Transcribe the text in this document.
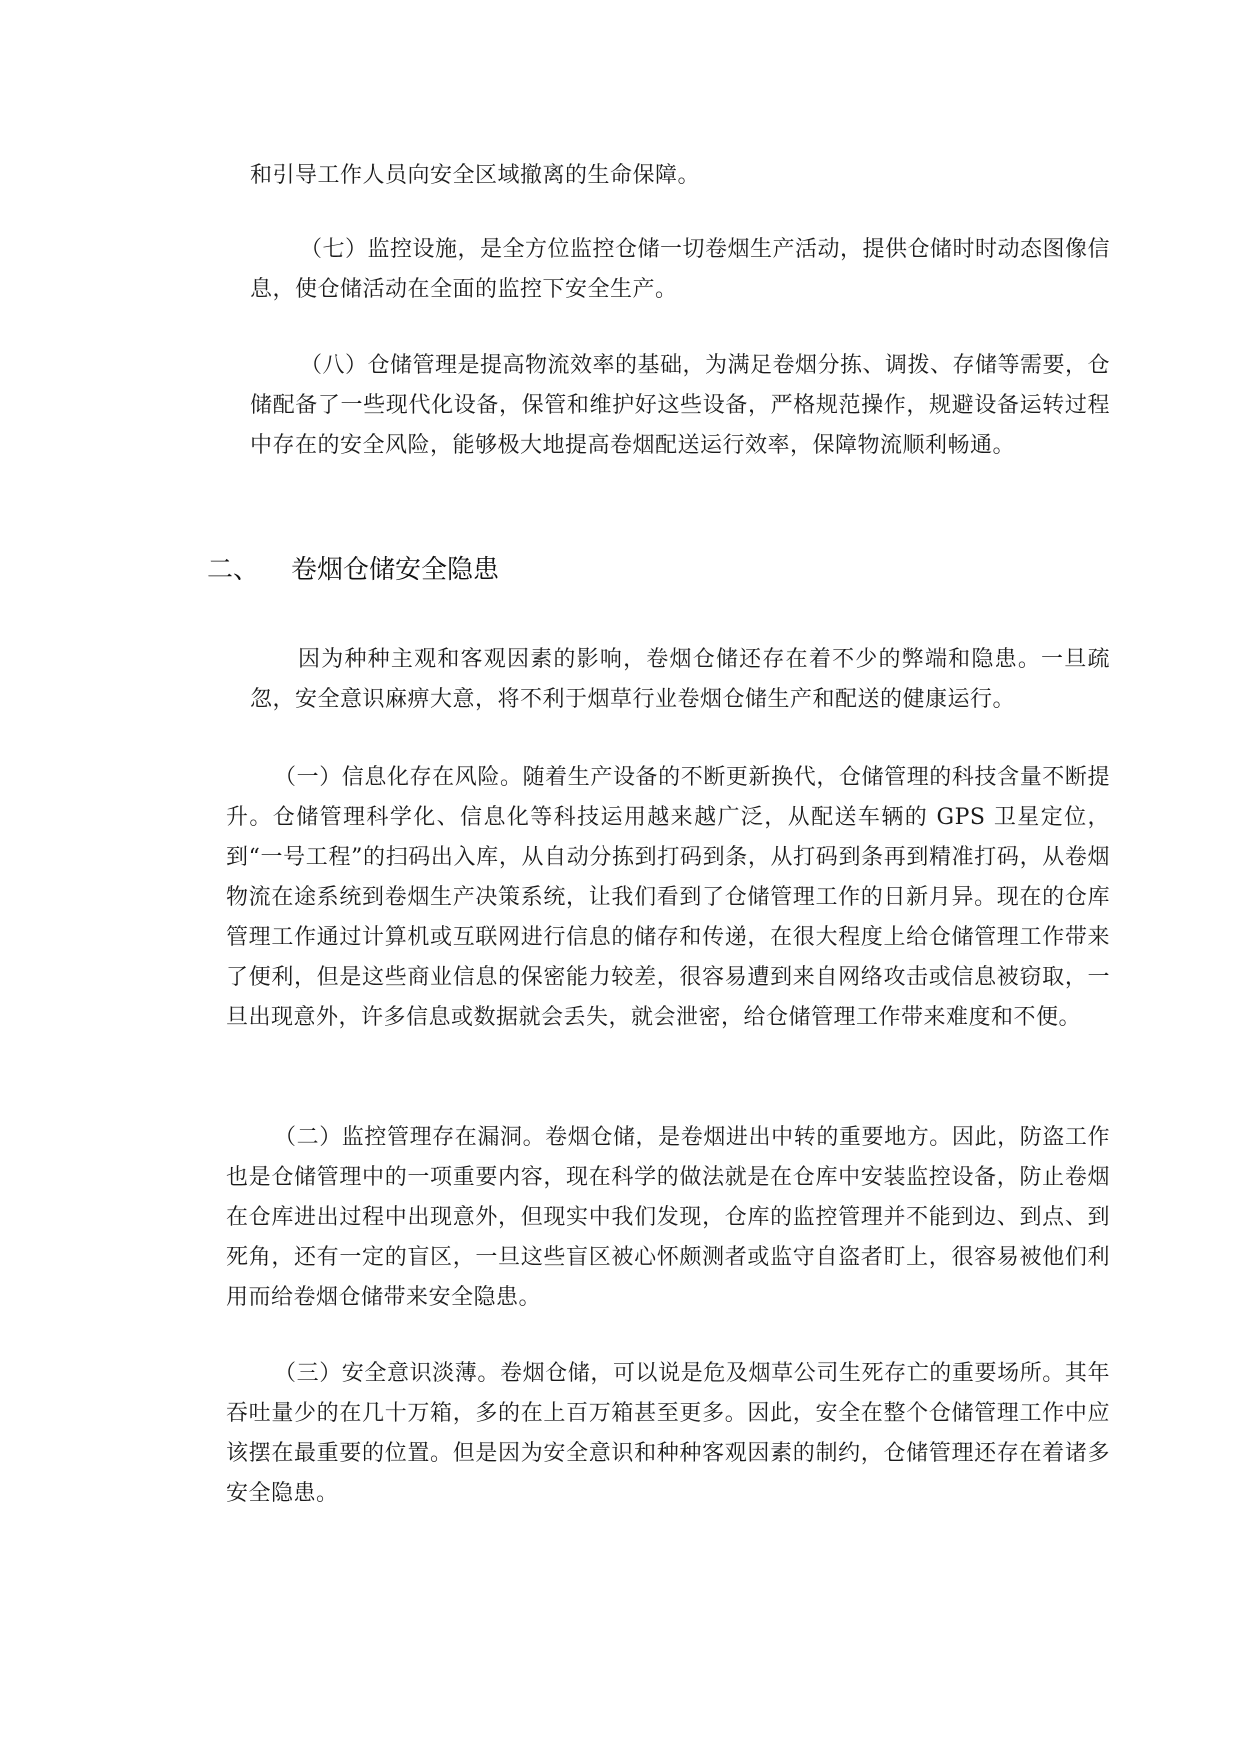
和引导工作人员向安全区域撤离的生命保障。

（七）监控设施，是全方位监控仓储一切卷烟生产活动，提供仓储时时动态图像信息，使仓储活动在全面的监控下安全生产。

（八）仓储管理是提高物流效率的基础，为满足卷烟分拣、调拨、存储等需要，仓储配备了一些现代化设备，保管和维护好这些设备，严格规范操作，规避设备运转过程中存在的安全风险，能够极大地提高卷烟配送运行效率，保障物流顺利畅通。

二、 卷烟仓储安全隐患

因为种种主观和客观因素的影响，卷烟仓储还存在着不少的弊端和隐患。一旦疏忽，安全意识麻痹大意，将不利于烟草行业卷烟仓储生产和配送的健康运行。

（一）信息化存在风险。随着生产设备的不断更新换代，仓储管理的科技含量不断提升。仓储管理科学化、信息化等科技运用越来越广泛，从配送车辆的 GPS 卫星定位，到“一号工程”的扫码出入库，从自动分拣到打码到条，从打码到条再到精准打码，从卷烟物流在途系统到卷烟生产决策系统，让我们看到了仓储管理工作的日新月异。现在的仓库管理工作通过计算机或互联网进行信息的储存和传递，在很大程度上给仓储管理工作带来了便利，但是这些商业信息的保密能力较差，很容易遭到来自网络攻击或信息被窃取，一旦出现意外，许多信息或数据就会丢失，就会泄密，给仓储管理工作带来难度和不便。

（二）监控管理存在漏洞。卷烟仓储，是卷烟进出中转的重要地方。因此，防盗工作也是仓储管理中的一项重要内容，现在科学的做法就是在仓库中安装监控设备，防止卷烟在仓库进出过程中出现意外，但现实中我们发现，仓库的监控管理并不能到边、到点、到死角，还有一定的盲区，一旦这些盲区被心怀颇测者或监守自盗者盯上，很容易被他们利用而给卷烟仓储带来安全隐患。

（三）安全意识淡薄。卷烟仓储，可以说是危及烟草公司生死存亡的重要场所。其年吞吐量少的在几十万箱，多的在上百万箱甚至更多。因此，安全在整个仓储管理工作中应该摆在最重要的位置。但是因为安全意识和种种客观因素的制约，仓储管理还存在着诸多安全隐患。
